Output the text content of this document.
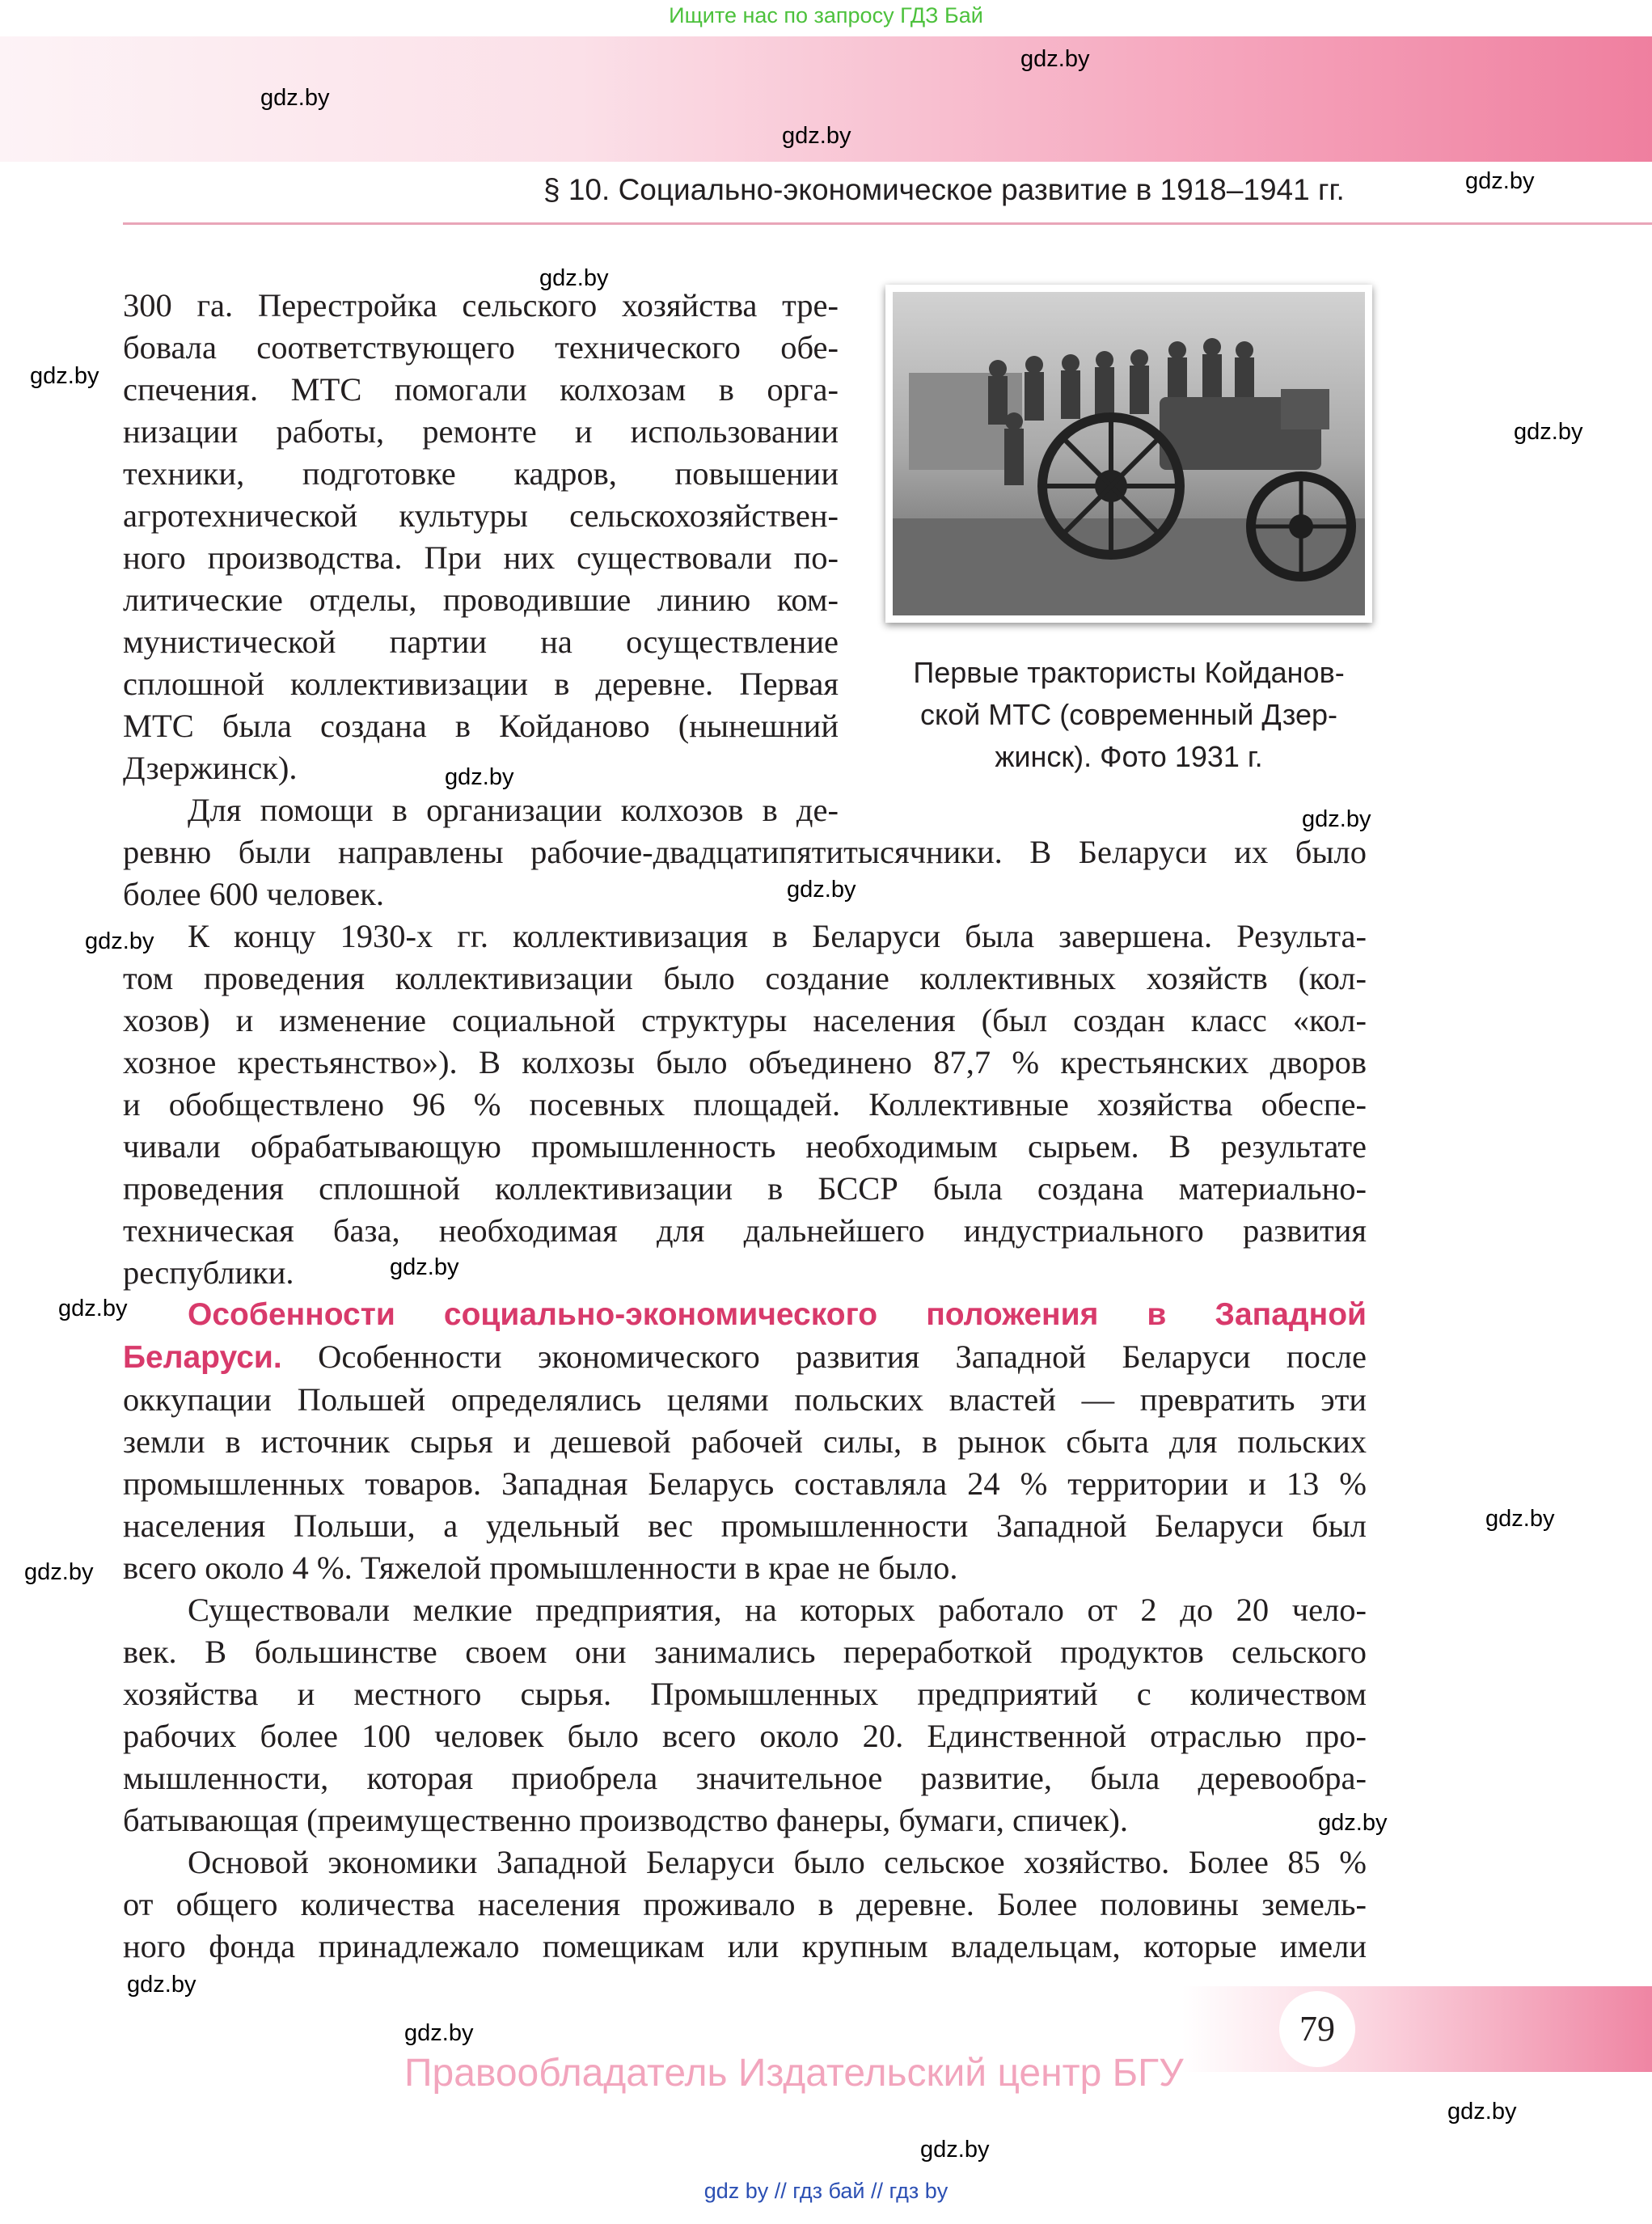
Ищите нас по запросу ГДЗ Бай
§ 10. Социально-экономическое развитие в 1918–1941 гг.
gdz.by
gdz.by
gdz.by
gdz.by
gdz.by
gdz.by
gdz.by
gdz.by
gdz.by
gdz.by
gdz.by
gdz.by
gdz.by
gdz.by
gdz.by
gdz.by
gdz.by
gdz.by
gdz.by
gdz.by
300 га. Перестройка сельского хозяйства тре-
бовала соответствующего технического обе-
спечения. МТС помогали колхозам в орга-
низации работы, ремонте и использовании
техники, подготовке кадров, повышении
агротехнической культуры сельскохозяйствен-
ного производства. При них существовали по-
литические отделы, проводившие линию ком-
мунистической партии на осуществление
сплошной коллективизации в деревне. Первая
МТС была создана в Койданово (нынешний
Дзержинск).
Для помощи в организации колхозов в де-
Первые трактористы Койданов-
ской МТС (современный Дзер-
жинск). Фото 1931 г.
ревню были направлены рабочие-двадцатипятитысячники. В Беларуси их было
более 600 человек.
К концу 1930-х гг. коллективизация в Беларуси была завершена. Результа-
том проведения коллективизации было создание коллективных хозяйств (кол-
хозов) и изменение социальной структуры населения (был создан класс «кол-
хозное крестьянство»). В колхозы было объединено 87,7 % крестьянских дворов
и обобществлено 96 % посевных площадей. Коллективные хозяйства обеспе-
чивали обрабатывающую промышленность необходимым сырьем. В результате
проведения сплошной коллективизации в БССР была создана материально-
техническая база, необходимая для дальнейшего индустриального развития
республики.
Особенности социально-экономического положения в Западной
Беларуси. Особенности экономического развития Западной Беларуси после
оккупации Польшей определялись целями польских властей — превратить эти
земли в источник сырья и дешевой рабочей силы, в рынок сбыта для польских
промышленных товаров. Западная Беларусь составляла 24 % территории и 13 %
населения Польши, а удельный вес промышленности Западной Беларуси был
всего около 4 %. Тяжелой промышленности в крае не было.
Существовали мелкие предприятия, на которых работало от 2 до 20 чело-
век. В большинстве своем они занимались переработкой продуктов сельского
хозяйства и местного сырья. Промышленных предприятий с количеством
рабочих более 100 человек было всего около 20. Единственной отраслью про-
мышленности, которая приобрела значительное развитие, была деревообра-
батывающая (преимущественно производство фанеры, бумаги, спичек).
Основой экономики Западной Беларуси было сельское хозяйство. Более 85 %
от общего количества населения проживало в деревне. Более половины земель-
ного фонда принадлежало помещикам или крупным владельцам, которые имели
79
Правообладатель Издательский центр БГУ
gdz by // гдз бай // гдз by
